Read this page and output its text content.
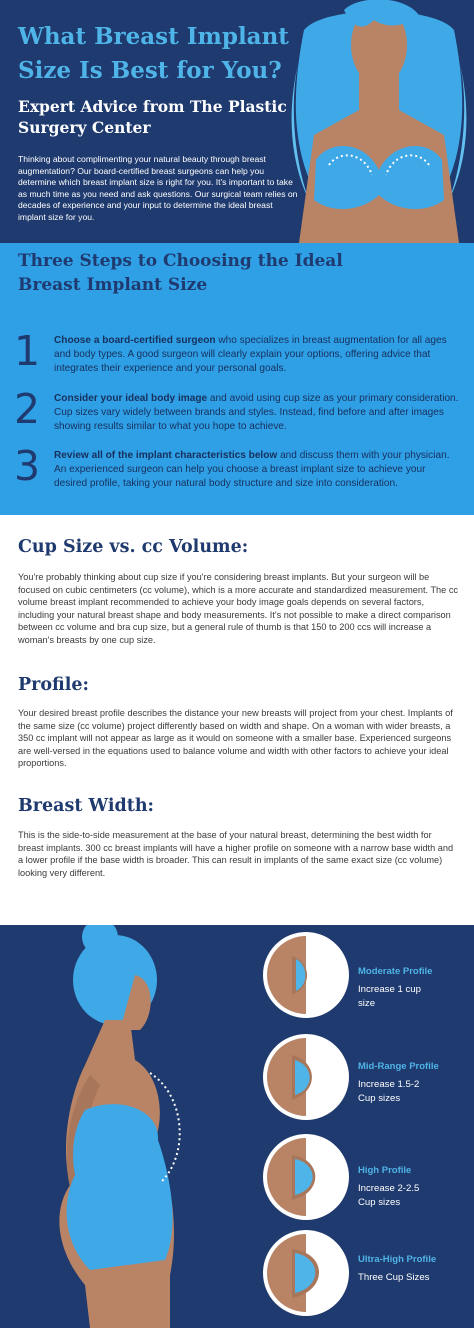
What Breast Implant Size Is Best for You?
Expert Advice from The Plastic Surgery Center

Thinking about complimenting your natural beauty through breast augmentation? Our board-certified breast surgeons can help you determine which breast implant size is right for you. It's important to take as much time as you need and ask questions. Our surgical team relies on decades of experience and your input to determine the ideal breast implant size for you.

Three Steps to Choosing the Ideal Breast Implant Size
1 Choose a board-certified surgeon who specializes in breast augmentation for all ages and body types. A good surgeon will clearly explain your options, offering advice that integrates their experience and your personal goals.

2 Consider your ideal body image and avoid using cup size as your primary consideration. Cup sizes vary widely between brands and styles. Instead, find before and after images showing results similar to what you hope to achieve.

3 Review all of the implant characteristics below and discuss them with your physician. An experienced surgeon can help you choose a breast implant size to achieve your desired profile, taking your natural body structure and size into consideration.

Cup Size vs. cc Volume:

You're probably thinking about cup size if you're considering breast implants. But your surgeon will be focused on cubic centimeters (cc volume), which is a more accurate and standardized measurement. The cc volume breast implant recommended to achieve your body image goals depends on several factors, including your natural breast shape and body measurements. It's not possible to make a direct comparison between cc volume and bra cup size, but a general rule of thumb is that 150 to 200 ccs will increase a woman's breasts by one cup size.

Profile:

Your desired breast profile describes the distance your new breasts will project from your chest. Implants of the same size (cc volume) project differently based on width and shape. On a woman with wider breasts, a 350 cc implant will not appear as large as it would on someone with a smaller base. Experienced surgeons are well-versed in the equations used to balance volume and width with other factors to achieve your ideal proportions.

Breast Width:

This is the side-to-side measurement at the base of your natural breast, determining the best width for breast implants. 300 cc breast implants will have a higher profile on someone with a narrow base width and a lower profile if the base width is broader. This can result in implants of the same exact size (cc volume) looking very different.

Moderate Profile
Increase 1 cup size
Mid-Range Profile
Increase 1.5-2 Cup sizes
High Profile
Increase 2-2.5 Cup sizes
Ultra-High Profile
Three Cup Sizes
